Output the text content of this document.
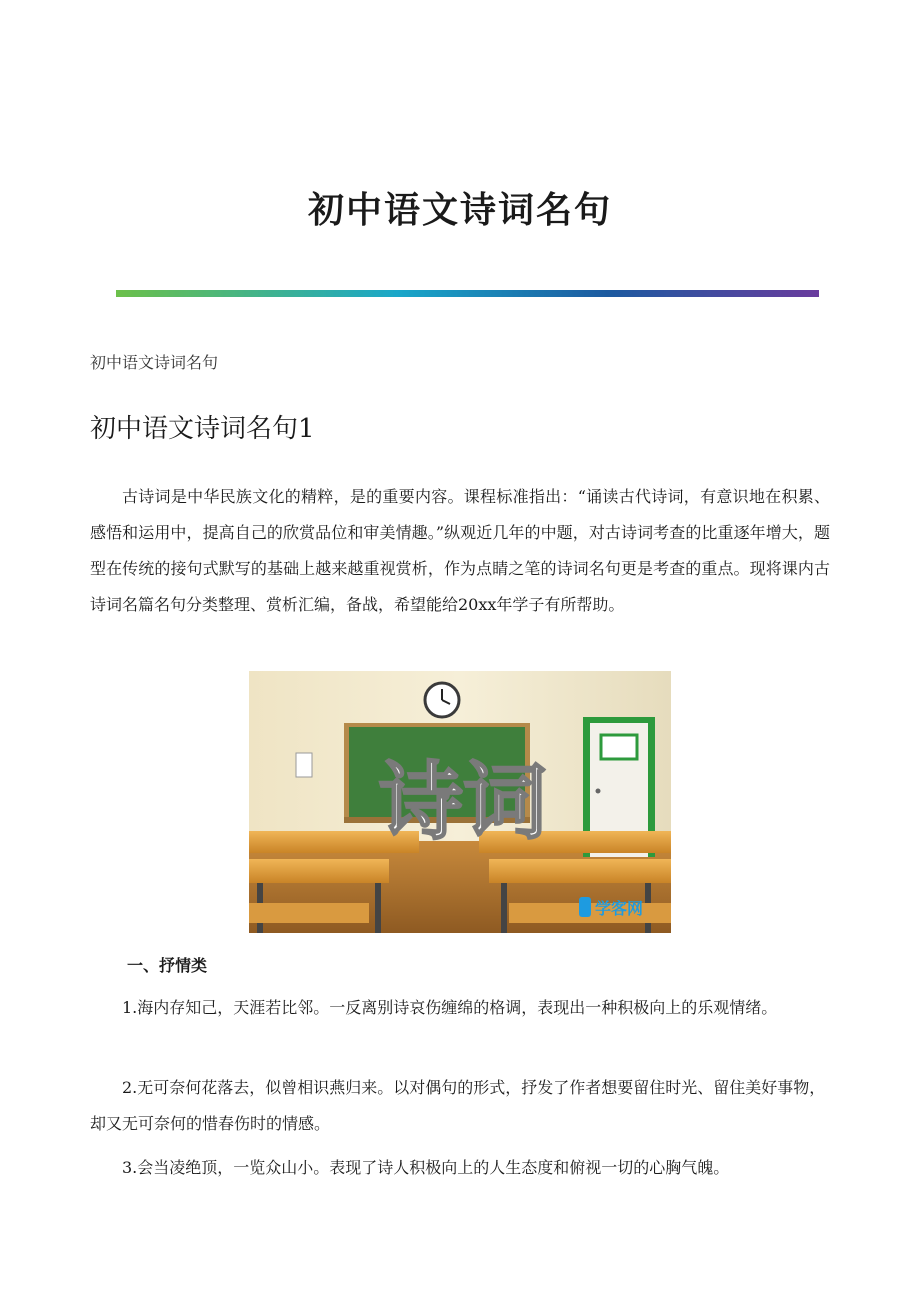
初中语文诗词名句
初中语文诗词名句
初中语文诗词名句1

古诗词是中华民族文化的精粹，是的重要内容。课程标准指出：“诵读古代诗词，有意识地在积累、感悟和运用中，提高自己的欣赏品位和审美情趣。”纵观近几年的中题，对古诗词考查的比重逐年增大，题型在传统的接句式默写的基础上越来越重视赏析，作为点睛之笔的诗词名句更是考查的重点。现将课内古诗词名篇名句分类整理、赏析汇编，备战，希望能给20xx年学子有所帮助。

诗词
学客网
一、抒情类

1.海内存知己，天涯若比邻。一反离别诗哀伤缠绵的格调，表现出一种积极向上的乐观情绪。

2.无可奈何花落去，似曾相识燕归来。以对偶句的形式，抒发了作者想要留住时光、留住美好事物，却又无可奈何的惜春伤时的情感。

3.会当凌绝顶，一览众山小。表现了诗人积极向上的人生态度和俯视一切的心胸气魄。
